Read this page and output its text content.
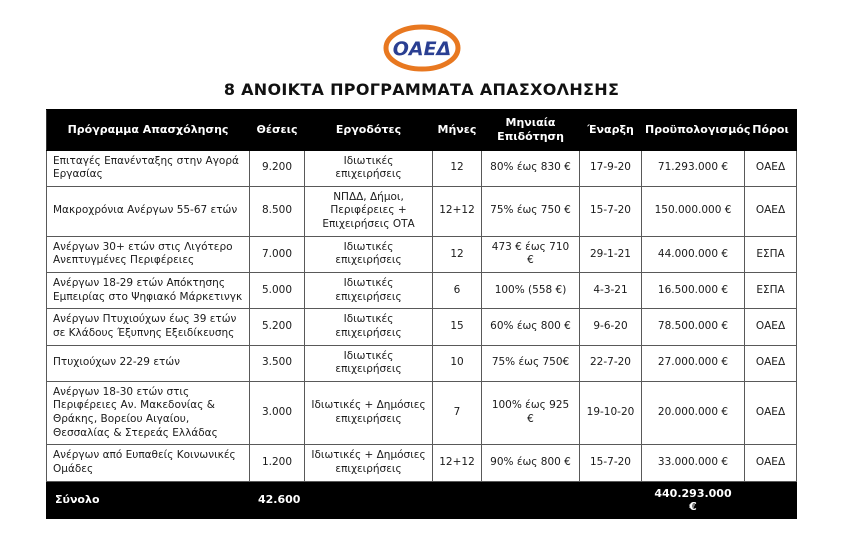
ΟΑΕΔ
8 ΑΝΟΙΚΤΑ ΠΡΟΓΡΑΜΜΑΤΑ ΑΠΑΣΧΟΛΗΣΗΣ
Πρόγραμμα Απασχόλησης	Θέσεις	Εργοδότες	Μήνες	Μηνιαία Επιδότηση	Έναρξη	Προϋπολογισμός	Πόροι
Επιταγές Επανένταξης στην Αγορά Εργασίας	9.200	Ιδιωτικές επιχειρήσεις	12	80% έως 830 €	17-9-20	71.293.000 €	ΟΑΕΔ
Μακροχρόνια Ανέργων 55-67 ετών	8.500	ΝΠΔΔ, Δήμοι, Περιφέρειες + Επιχειρήσεις ΟΤΑ	12+12	75% έως 750 €	15-7-20	150.000.000 €	ΟΑΕΔ
Ανέργων 30+ ετών στις Λιγότερο Ανεπτυγμένες Περιφέρειες	7.000	Ιδιωτικές επιχειρήσεις	12	473 € έως 710 €	29-1-21	44.000.000 €	ΕΣΠΑ
Ανέργων 18-29 ετών Απόκτησης Εμπειρίας στο Ψηφιακό Μάρκετινγκ	5.000	Ιδιωτικές επιχειρήσεις	6	100% (558 €)	4-3-21	16.500.000 €	ΕΣΠΑ
Ανέργων Πτυχιούχων έως 39 ετών σε Κλάδους Έξυπνης Εξειδίκευσης	5.200	Ιδιωτικές επιχειρήσεις	15	60% έως 800 €	9-6-20	78.500.000 €	ΟΑΕΔ
Πτυχιούχων 22-29 ετών	3.500	Ιδιωτικές επιχειρήσεις	10	75% έως 750€	22-7-20	27.000.000 €	ΟΑΕΔ
Ανέργων 18-30 ετών στις Περιφέρειες Αν. Μακεδονίας & Θράκης, Βορείου Αιγαίου, Θεσσαλίας & Στερεάς Ελλάδας	3.000	Ιδιωτικές + Δημόσιες επιχειρήσεις	7	100% έως 925 €	19-10-20	20.000.000 €	ΟΑΕΔ
Ανέργων από Ευπαθείς Κοινωνικές Ομάδες	1.200	Ιδιωτικές + Δημόσιες επιχειρήσεις	12+12	90% έως 800 €	15-7-20	33.000.000 €	ΟΑΕΔ
Σύνολο	42.600					440.293.000 €	
